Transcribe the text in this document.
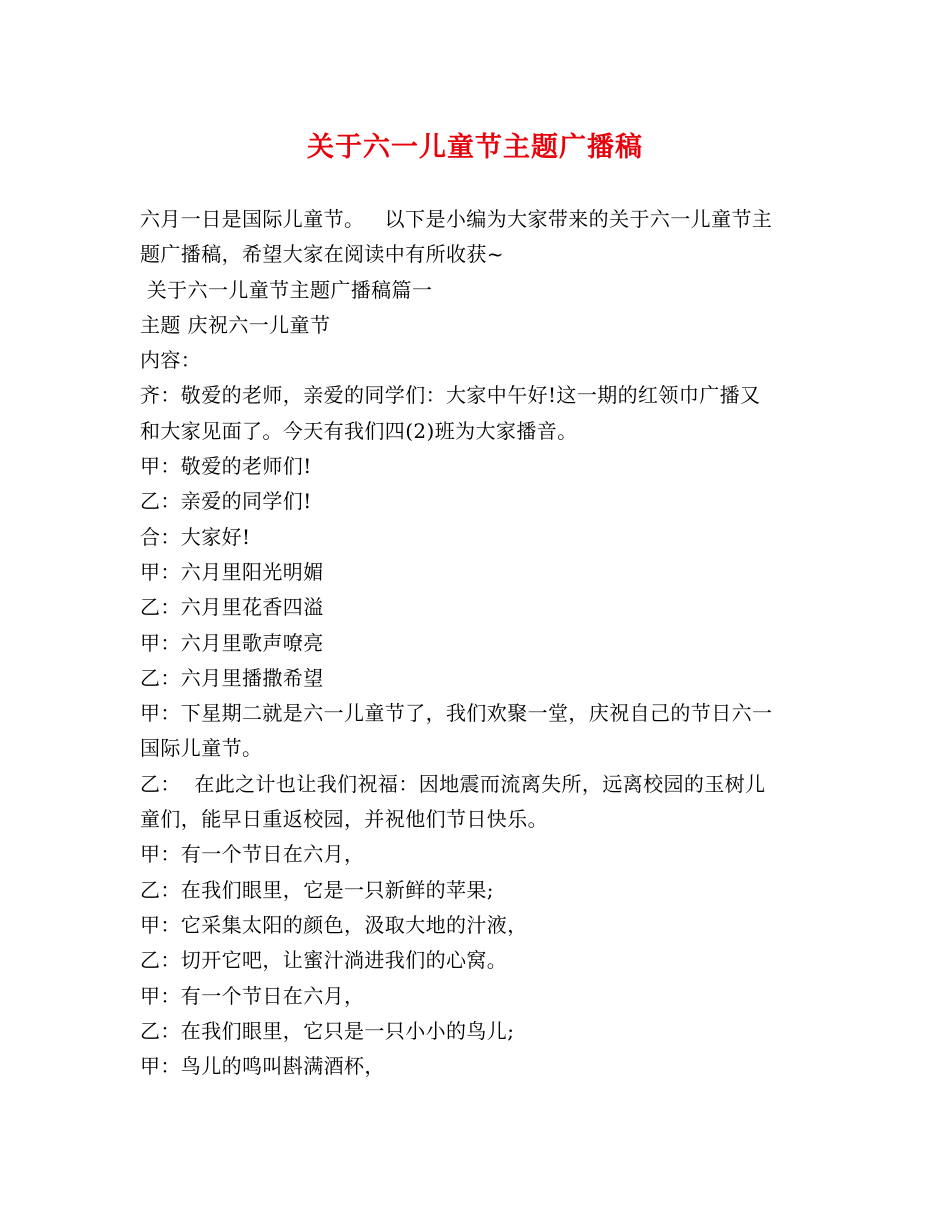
关于六一儿童节主题广播稿
六月一日是国际儿童节。   以下是小编为大家带来的关于六一儿童节主
题广播稿，希望大家在阅读中有所收获~
关于六一儿童节主题广播稿篇一
主题 庆祝六一儿童节
内容：
齐：敬爱的老师，亲爱的同学们：大家中午好!这一期的红领巾广播又
和大家见面了。今天有我们四(2)班为大家播音。
甲：敬爱的老师们!
乙：亲爱的同学们!
合：大家好!
甲：六月里阳光明媚
乙：六月里花香四溢
甲：六月里歌声嘹亮
乙：六月里播撒希望
甲：下星期二就是六一儿童节了，我们欢聚一堂，庆祝自己的节日六一
国际儿童节。
乙：  在此之计也让我们祝福：因地震而流离失所，远离校园的玉树儿
童们，能早日重返校园，并祝他们节日快乐。
甲：有一个节日在六月，
乙：在我们眼里，它是一只新鲜的苹果;
甲：它采集太阳的颜色，汲取大地的汁液，
乙：切开它吧，让蜜汁淌进我们的心窝。
甲：有一个节日在六月，
乙：在我们眼里，它只是一只小小的鸟儿;
甲：鸟儿的鸣叫斟满酒杯，
